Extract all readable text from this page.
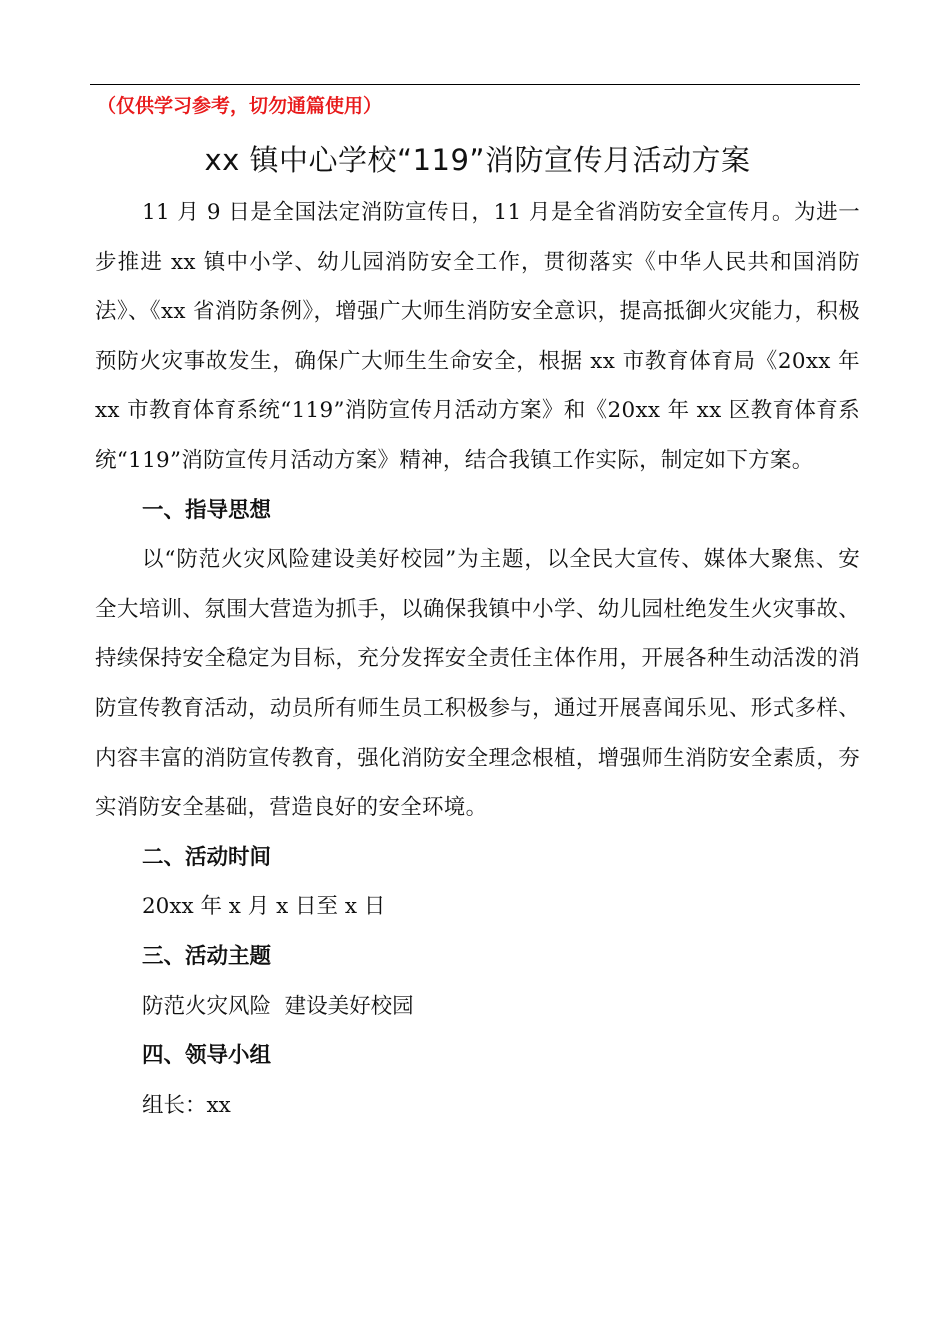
（仅供学习参考，切勿通篇使用）
xx 镇中心学校“119”消防宣传月活动方案

11 月 9 日是全国法定消防宣传日，11 月是全省消防安全宣传月。为进一步推进 xx 镇中小学、幼儿园消防安全工作，贯彻落实《中华人民共和国消防法》、《xx 省消防条例》，增强广大师生消防安全意识，提高抵御火灾能力，积极预防火灾事故发生，确保广大师生生命安全，根据 xx 市教育体育局《20xx 年 xx 市教育体育系统“119”消防宣传月活动方案》和《20xx 年 xx 区教育体育系统“119”消防宣传月活动方案》精神，结合我镇工作实际，制定如下方案。

一、指导思想

以“防范火灾风险建设美好校园”为主题，以全民大宣传、媒体大聚焦、安全大培训、氛围大营造为抓手，以确保我镇中小学、幼儿园杜绝发生火灾事故、持续保持安全稳定为目标，充分发挥安全责任主体作用，开展各种生动活泼的消防宣传教育活动，动员所有师生员工积极参与，通过开展喜闻乐见、形式多样、内容丰富的消防宣传教育，强化消防安全理念根植，增强师生消防安全素质，夯实消防安全基础，营造良好的安全环境。

二、活动时间
20xx 年 x 月 x 日至 x 日
三、活动主题
防范火灾风险  建设美好校园
四、领导小组
组长：xx
